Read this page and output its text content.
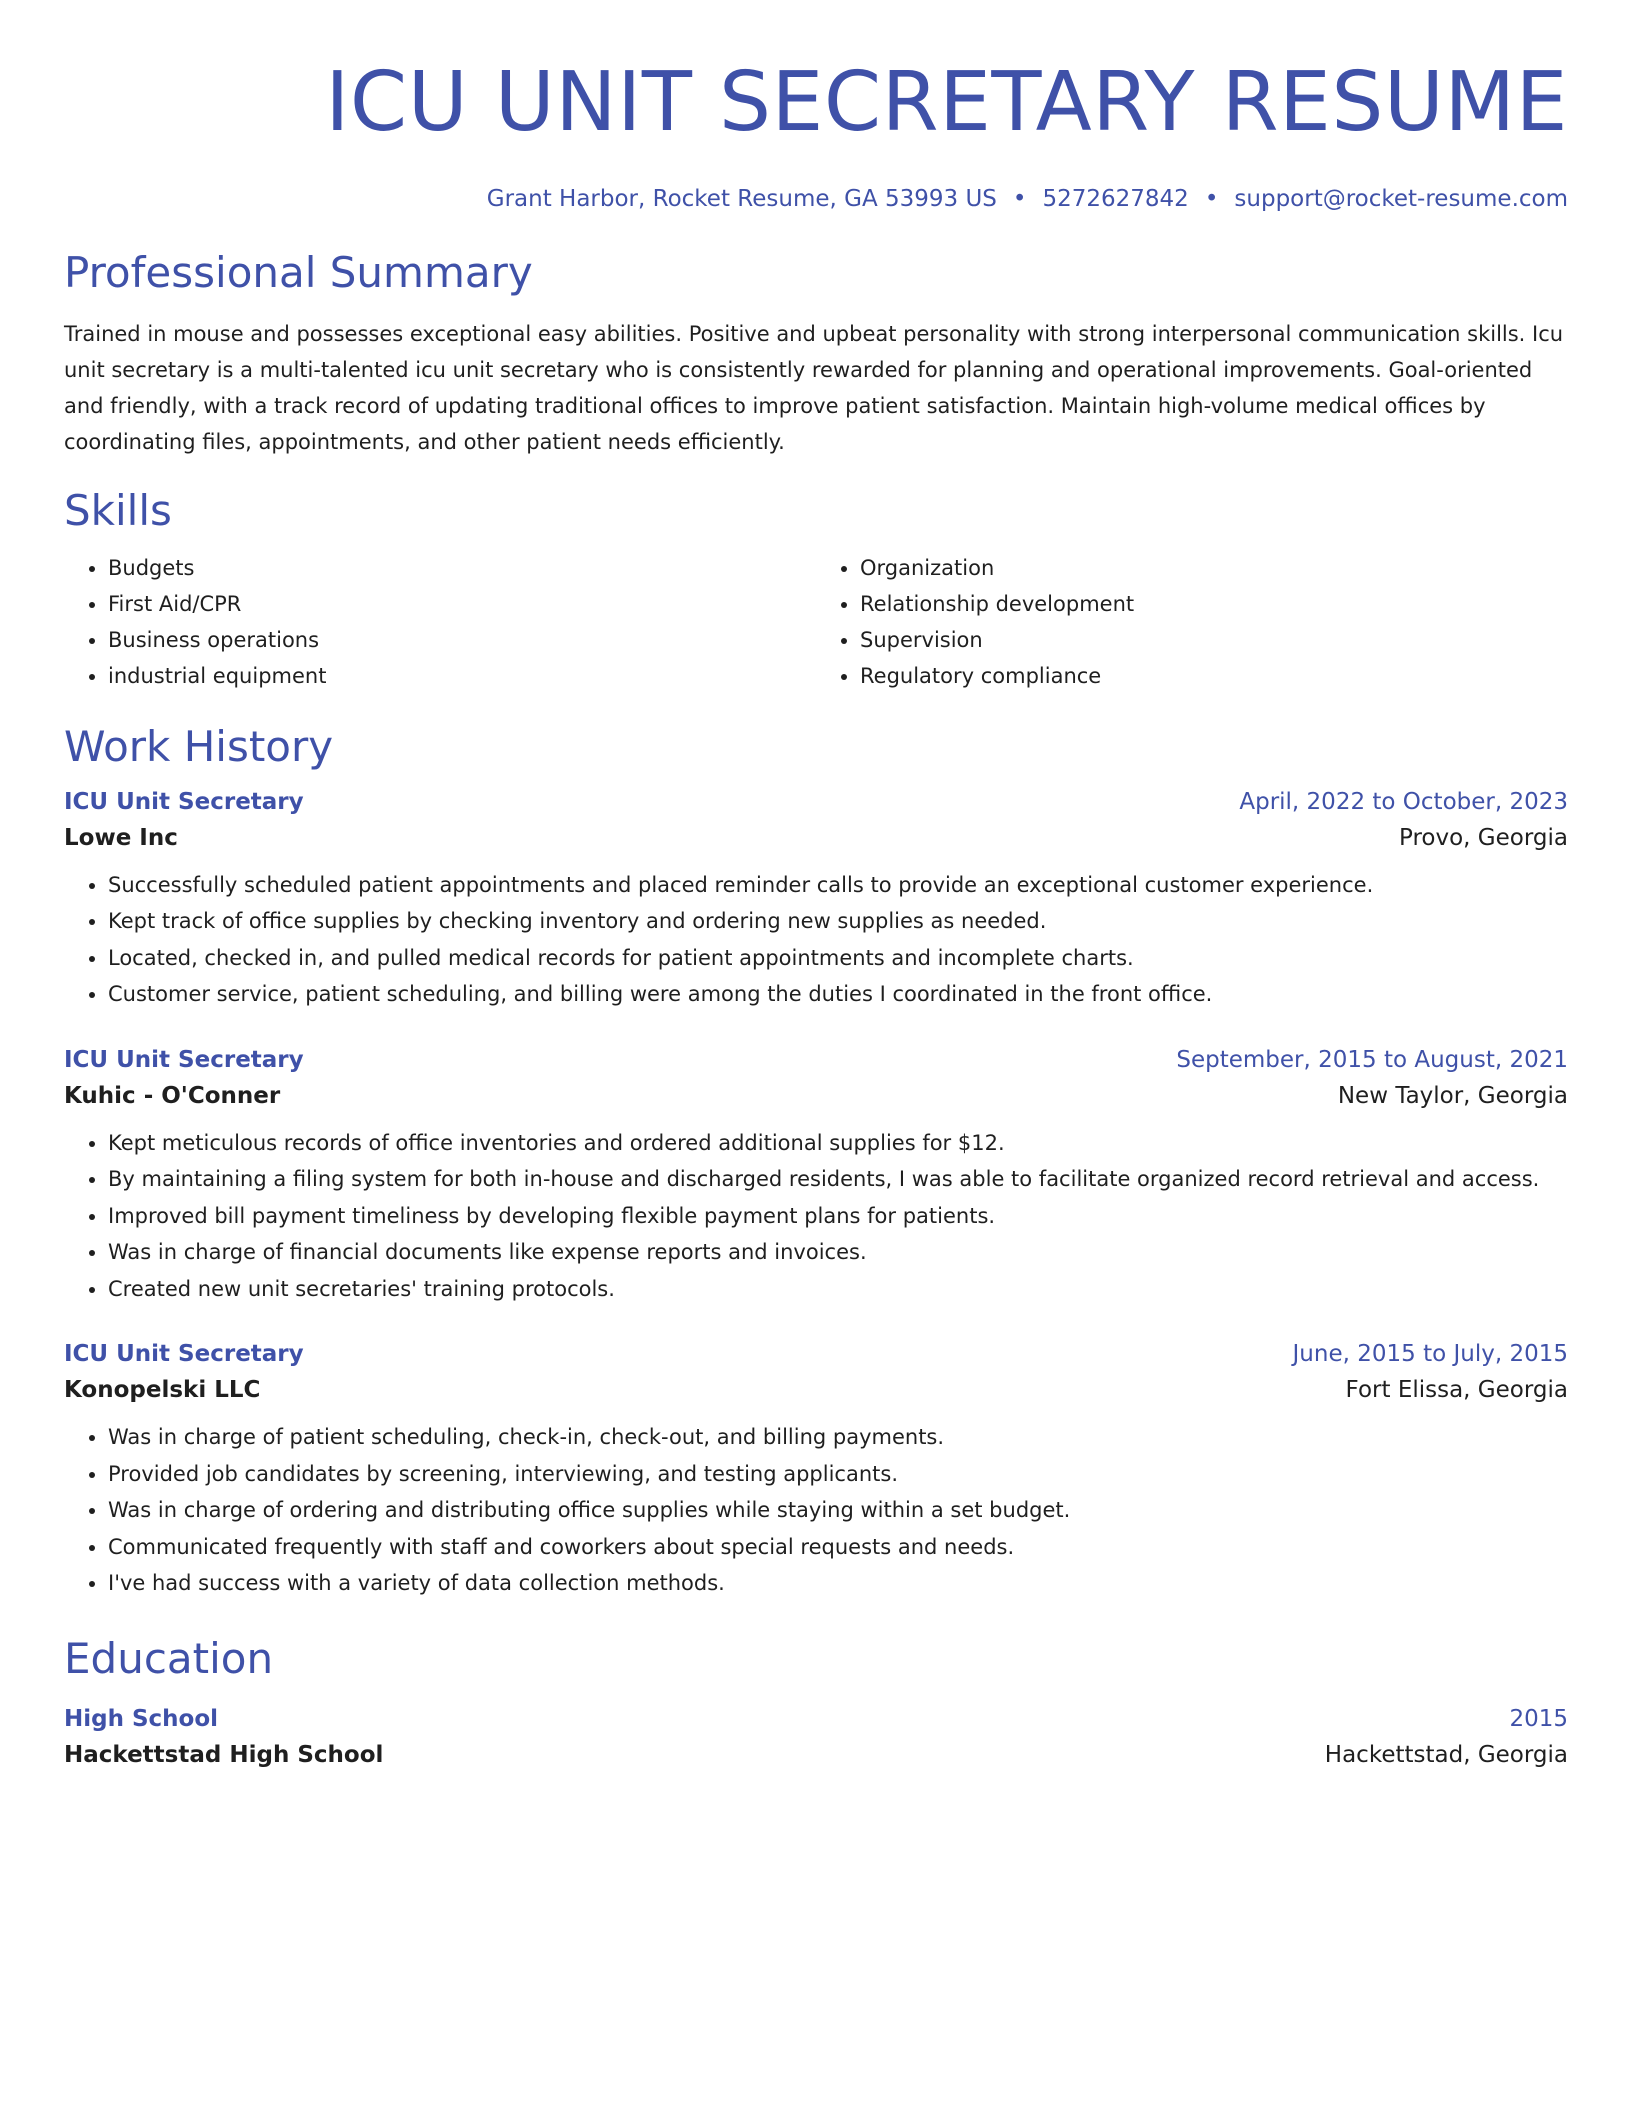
ICU UNIT SECRETARY RESUME
Grant Harbor, Rocket Resume, GA 53993 US • 5272627842 • support@rocket-resume.com
Professional Summary
Trained in mouse and possesses exceptional easy abilities. Positive and upbeat personality with strong interpersonal communication skills. Icu unit secretary is a multi-talented icu unit secretary who is consistently rewarded for planning and operational improvements. Goal-oriented and friendly, with a track record of updating traditional offices to improve patient satisfaction. Maintain high-volume medical offices by coordinating files, appointments, and other patient needs efficiently.
Skills
• Budgets
• First Aid/CPR
• Business operations
• industrial equipment
• Organization
• Relationship development
• Supervision
• Regulatory compliance
Work History
ICU Unit Secretary	April, 2022 to October, 2023
Lowe Inc	Provo, Georgia
• Successfully scheduled patient appointments and placed reminder calls to provide an exceptional customer experience.
• Kept track of office supplies by checking inventory and ordering new supplies as needed.
• Located, checked in, and pulled medical records for patient appointments and incomplete charts.
• Customer service, patient scheduling, and billing were among the duties I coordinated in the front office.
ICU Unit Secretary	September, 2015 to August, 2021
Kuhic - O'Conner	New Taylor, Georgia
• Kept meticulous records of office inventories and ordered additional supplies for $12.
• By maintaining a filing system for both in-house and discharged residents, I was able to facilitate organized record retrieval and access.
• Improved bill payment timeliness by developing flexible payment plans for patients.
• Was in charge of financial documents like expense reports and invoices.
• Created new unit secretaries' training protocols.
ICU Unit Secretary	June, 2015 to July, 2015
Konopelski LLC	Fort Elissa, Georgia
• Was in charge of patient scheduling, check-in, check-out, and billing payments.
• Provided job candidates by screening, interviewing, and testing applicants.
• Was in charge of ordering and distributing office supplies while staying within a set budget.
• Communicated frequently with staff and coworkers about special requests and needs.
• I've had success with a variety of data collection methods.
Education
High School	2015
Hackettstad High School	Hackettstad, Georgia
